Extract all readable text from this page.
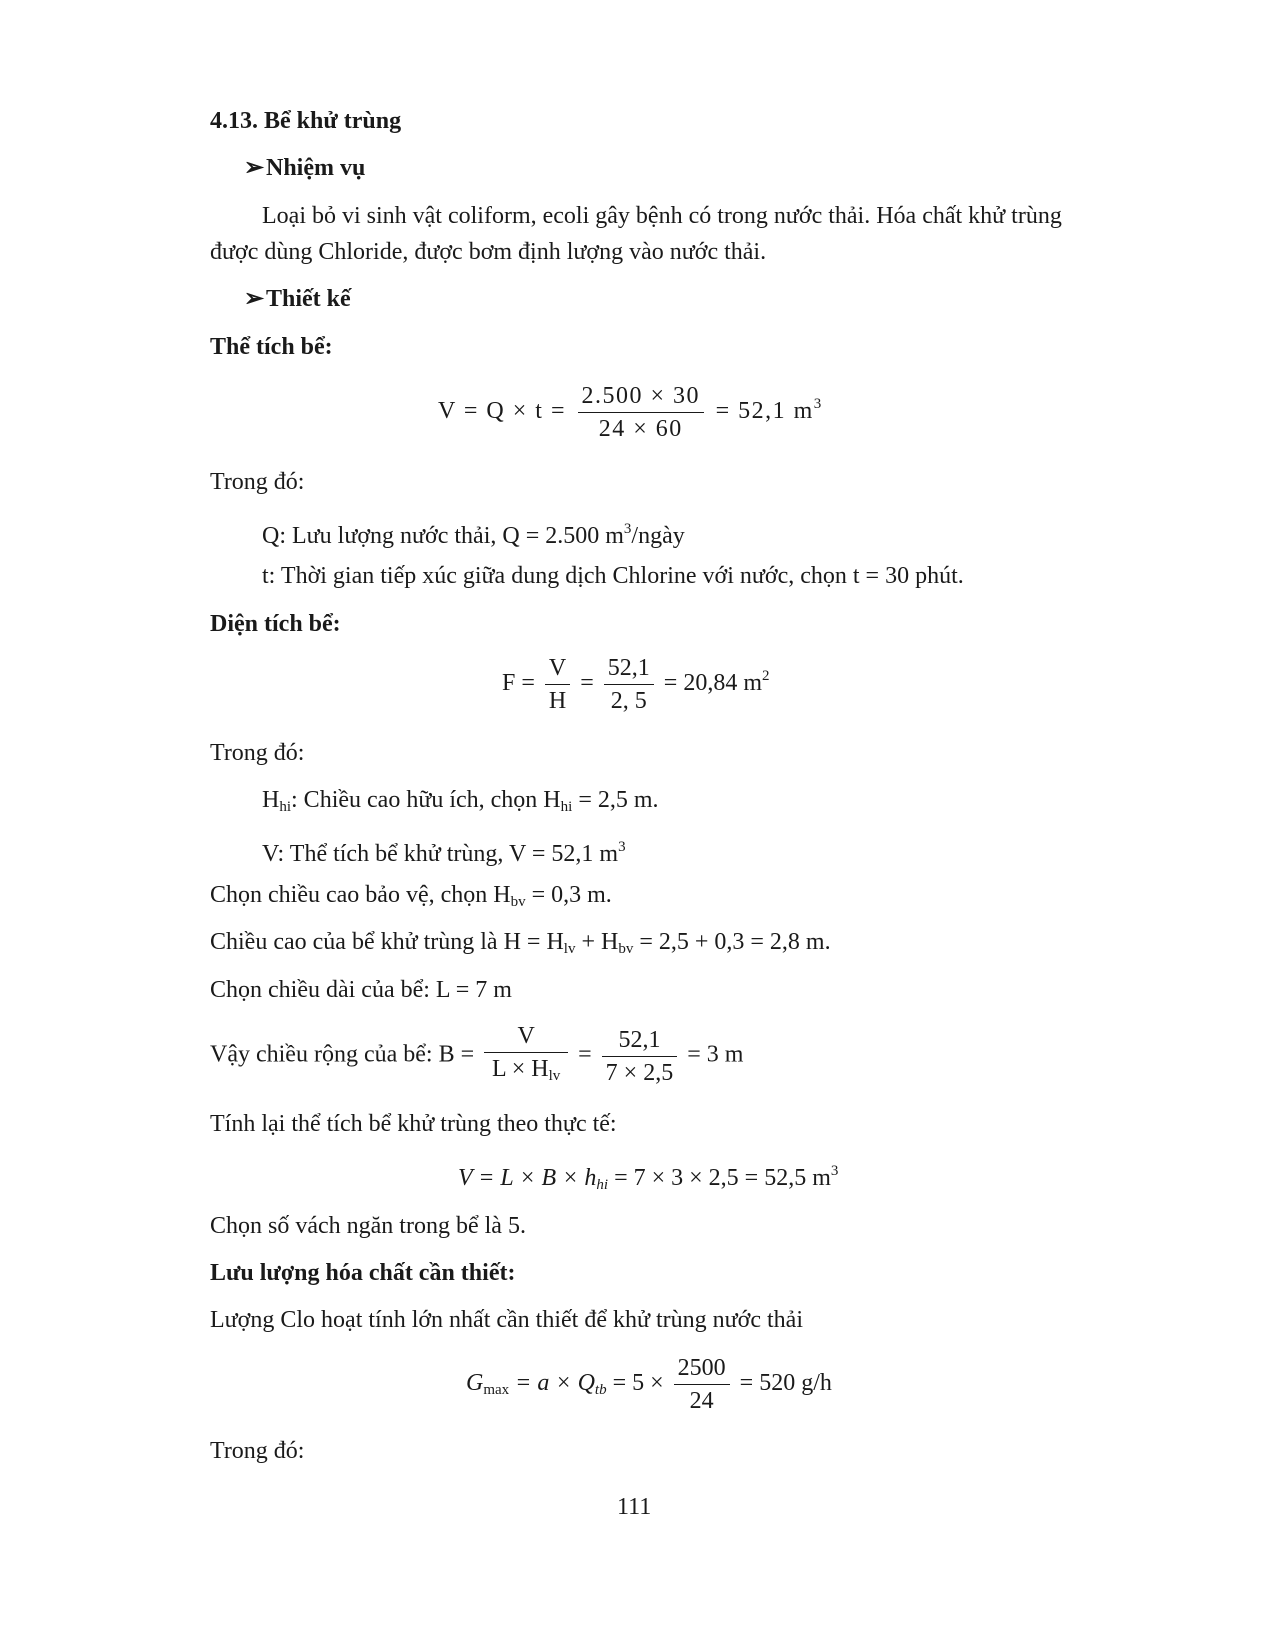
4.13. Bể khử trùng
➢Nhiệm vụ
Loại bỏ vi sinh vật coliform, ecoli gây bệnh có trong nước thải. Hóa chất khử trùng
được dùng Chloride, được bơm định lượng vào nước thải.
➢Thiết kế
Thể tích bể:
$V = Q \times t = \frac{2.500 \times 30}{24 \times 60} = 52,1$ $m^3$
Trong đó:
Q: Lưu lượng nước thải, Q = 2.500 $m^3$/ngày
t: Thời gian tiếp xúc giữa dung dịch Chlorine với nước, chọn t = 30 phút.
Diện tích bể:
$F = \frac{V}{H} = \frac{52,1}{2, 5} = 20,84$ $m^2$
Trong đó:
$H_{hi}$: Chiều cao hữu ích, chọn $H_{hi} = 2,5$ m.
V: Thể tích bể khử trùng, V = 52,1 $m^3$
Chọn chiều cao bảo vệ, chọn $H_{bv} = 0,3$ m.
Chiều cao của bể khử trùng là $H = H_{lv} + H_{bv} = 2,5 + 0,3 = 2,8$ m.
Chọn chiều dài của bể: L = 7 m
Vậy chiều rộng của bể: $B = \frac{V}{L \times H_{lv}} = \frac{52,1}{7 \times 2,5} = 3$ m
Tính lại thể tích bể khử trùng theo thực tế:
$V = L \times B \times h_{hi} = 7 \times 3 \times 2,5 = 52,5$ $m^3$
Chọn số vách ngăn trong bể là 5.
Lưu lượng hóa chất cần thiết:
Lượng Clo hoạt tính lớn nhất cần thiết để khử trùng nước thải
$G_{max} = a \times Q_{tb} = 5 \times \frac{2500}{24} = 520$ g/h
Trong đó:
111
